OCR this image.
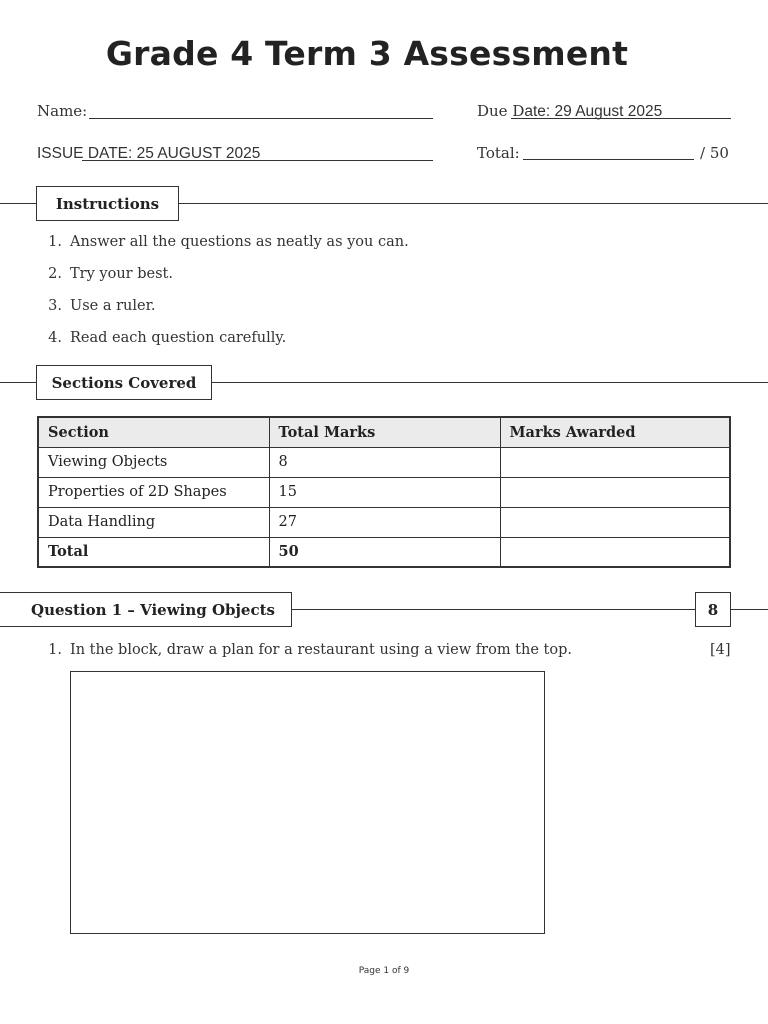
Grade 4 Term 3 Assessment
Name:	Due Date: 29 August 2025
ISSUE DATE: 25 AUGUST 2025	Total:	/ 50
Instructions
1. Answer all the questions as neatly as you can.
2. Try your best.
3. Use a ruler.
4. Read each question carefully.
Sections Covered
Section	Total Marks	Marks Awarded
Viewing Objects	8	
Properties of 2D Shapes	15	
Data Handling	27	
Total	50	
Question 1 – Viewing Objects	8
1. In the block, draw a plan for a restaurant using a view from the top.	[4]
Page 1 of 9
